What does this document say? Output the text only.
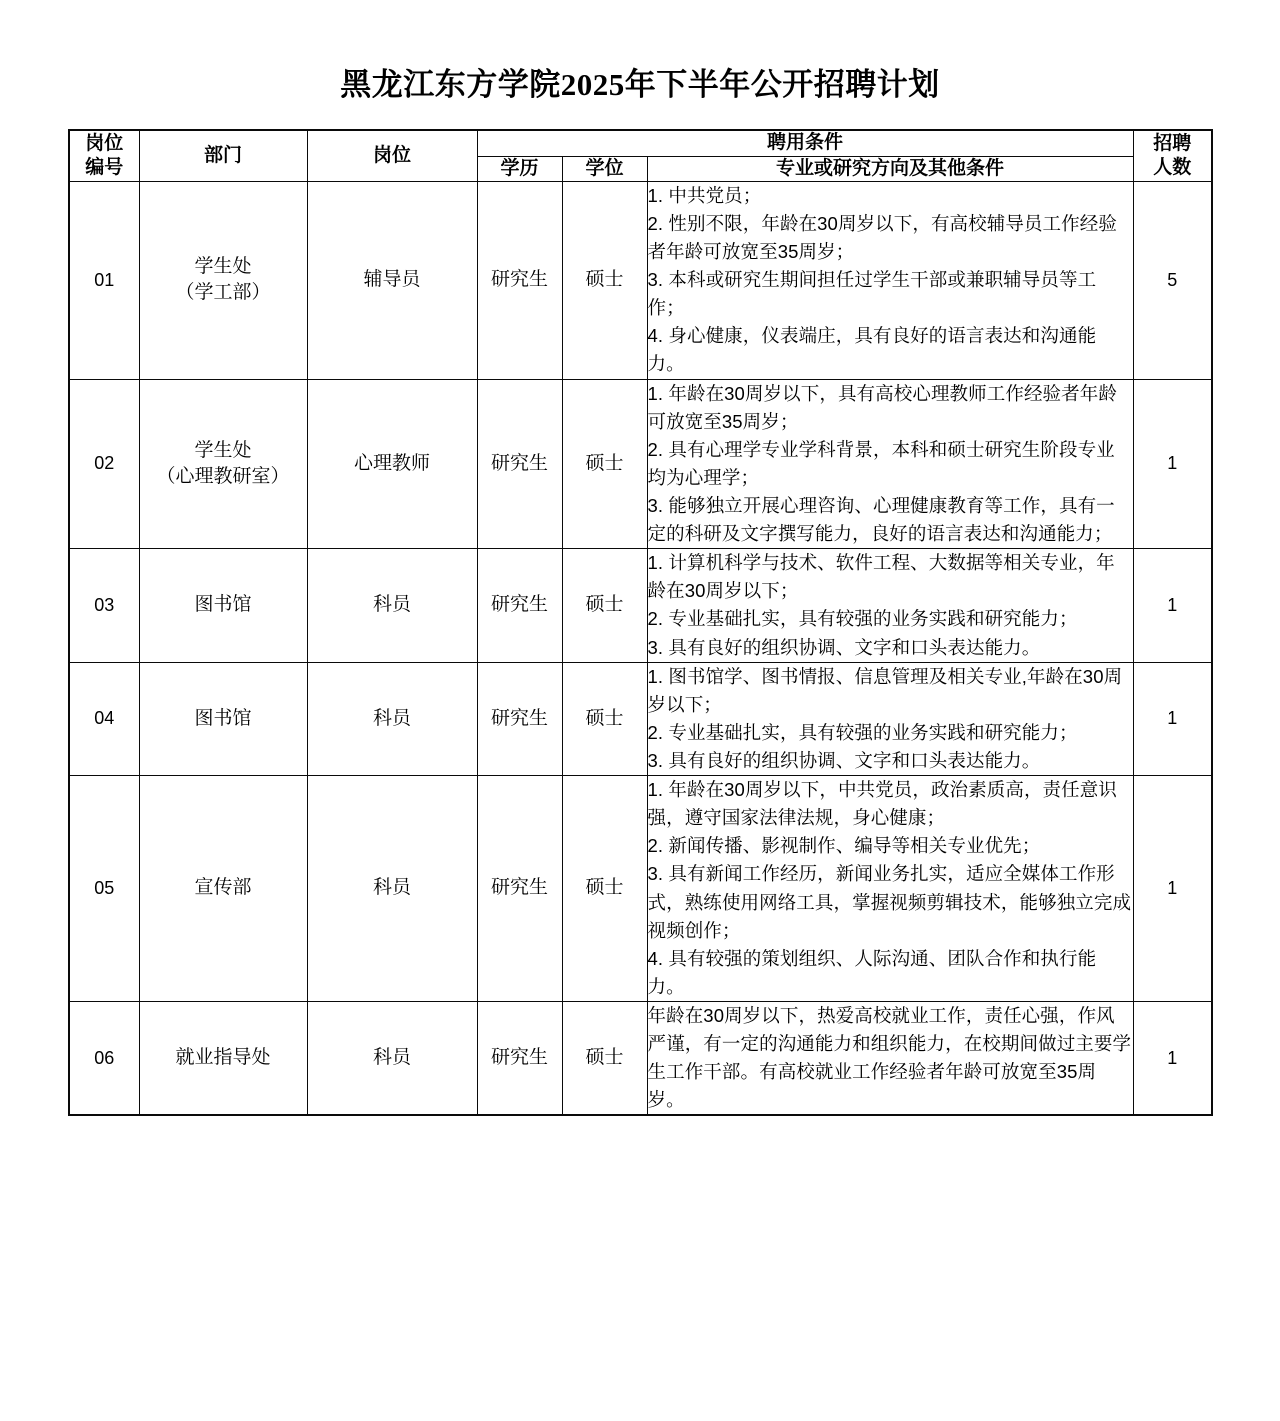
黑龙江东方学院2025年下半年公开招聘计划
岗位
编号	部门	岗位	聘用条件			招聘
人数

			学历	学位	专业或研究方向及其他条件	
01	学生处
（学工部）	辅导员	研究生	硕士	1. 中共党员；
2. 性别不限，年龄在30周岁以下，有高校辅导员工作经验者年龄可放宽至35周岁；
3. 本科或研究生期间担任过学生干部或兼职辅导员等工作；
4. 身心健康，仪表端庄，具有良好的语言表达和沟通能力。	5
02	学生处
（心理教研室）	心理教师	研究生	硕士	1. 年龄在30周岁以下，具有高校心理教师工作经验者年龄可放宽至35周岁；
2. 具有心理学专业学科背景，本科和硕士研究生阶段专业均为心理学；
3. 能够独立开展心理咨询、心理健康教育等工作，具有一定的科研及文字撰写能力，良好的语言表达和沟通能力；	1
03	图书馆	科员	研究生	硕士	1. 计算机科学与技术、软件工程、大数据等相关专业，年龄在30周岁以下；
2. 专业基础扎实，具有较强的业务实践和研究能力；
3. 具有良好的组织协调、文字和口头表达能力。	1
04	图书馆	科员	研究生	硕士	1. 图书馆学、图书情报、信息管理及相关专业,年龄在30周岁以下；
2. 专业基础扎实，具有较强的业务实践和研究能力；
3. 具有良好的组织协调、文字和口头表达能力。	1
05	宣传部	科员	研究生	硕士	1. 年龄在30周岁以下，中共党员，政治素质高，责任意识强，遵守国家法律法规，身心健康；
2. 新闻传播、影视制作、编导等相关专业优先；
3. 具有新闻工作经历，新闻业务扎实，适应全媒体工作形式，熟练使用网络工具，掌握视频剪辑技术，能够独立完成视频创作；
4. 具有较强的策划组织、人际沟通、团队合作和执行能力。	1
06	就业指导处	科员	研究生	硕士	年龄在30周岁以下，热爱高校就业工作，责任心强，作风严谨，有一定的沟通能力和组织能力，在校期间做过主要学生工作干部。有高校就业工作经验者年龄可放宽至35周岁。	1
